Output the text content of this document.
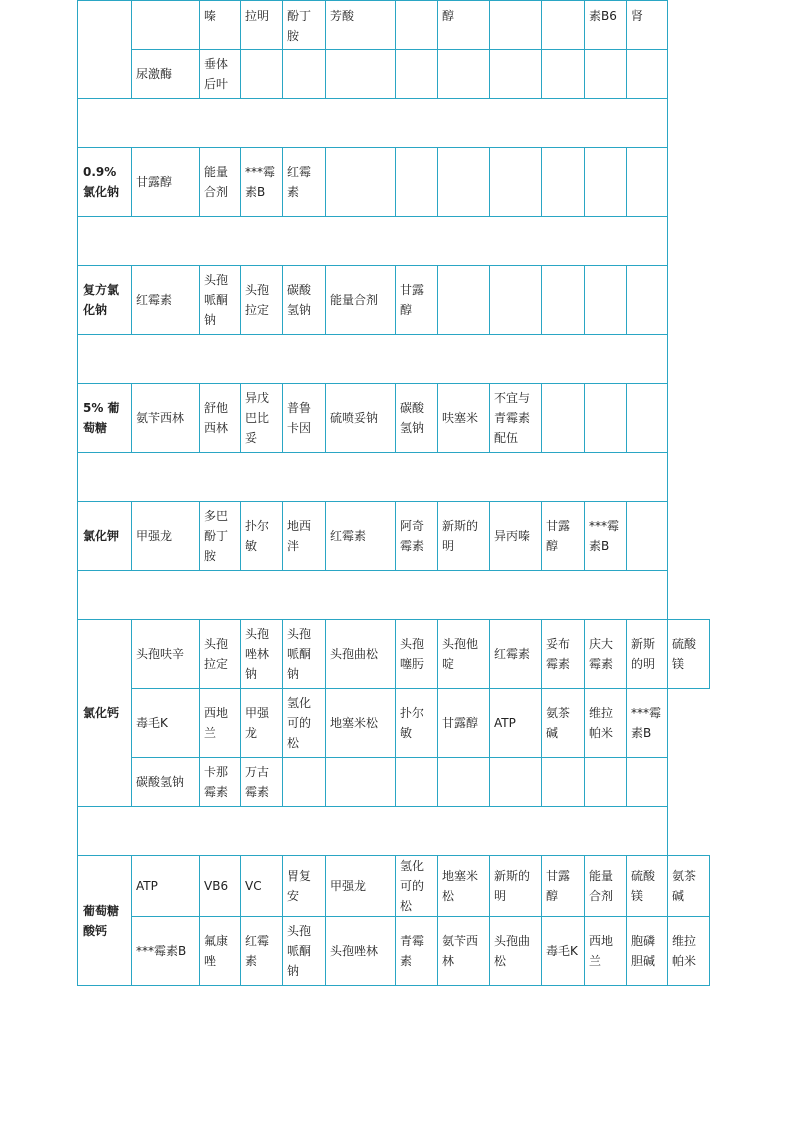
		嗪	拉明	酚丁胺	芳酸		醇			素B6	肾	
	尿激酶	垂体后叶										

0.9%氯化钠	甘露醇	能量合剂	***霉素B	红霉素								

复方氯化钠	红霉素	头孢哌酮钠	头孢拉定	碳酸氢钠	能量合剂	甘露醇						

5% 葡萄糖	氨苄西林	舒他西林	异戊巴比妥	普鲁卡因	硫喷妥钠	碳酸氢钠	呋塞米	不宜与青霉素配伍				

氯化钾	甲强龙	多巴酚丁胺	扑尔敏	地西泮	红霉素	阿奇霉素	新斯的明	异丙嗪	甘露醇	***霉素B		

氯化钙	头孢呋辛	头孢拉定	头孢唑林钠	头孢哌酮钠	头孢曲松	头孢噻肟	头孢他啶	红霉素	妥布霉素	庆大霉素	新斯的明	硫酸镁
	毒毛K	西地兰	甲强龙	氢化可的松	地塞米松	扑尔敏	甘露醇	ATP	氨茶碱	维拉帕米	***霉素B	
	碳酸氢钠	卡那霉素	万古霉素									

葡萄糖酸钙	ATP	VB6	VC	胃复安	甲强龙	氢化可的松	地塞米松	新斯的明	甘露醇	能量合剂	硫酸镁	氨茶碱
	***霉素B	氟康唑	红霉素	头孢哌酮钠	头孢唑林	青霉素	氨苄西林	头孢曲松	毒毛K	西地兰	胞磷胆碱	维拉帕米
